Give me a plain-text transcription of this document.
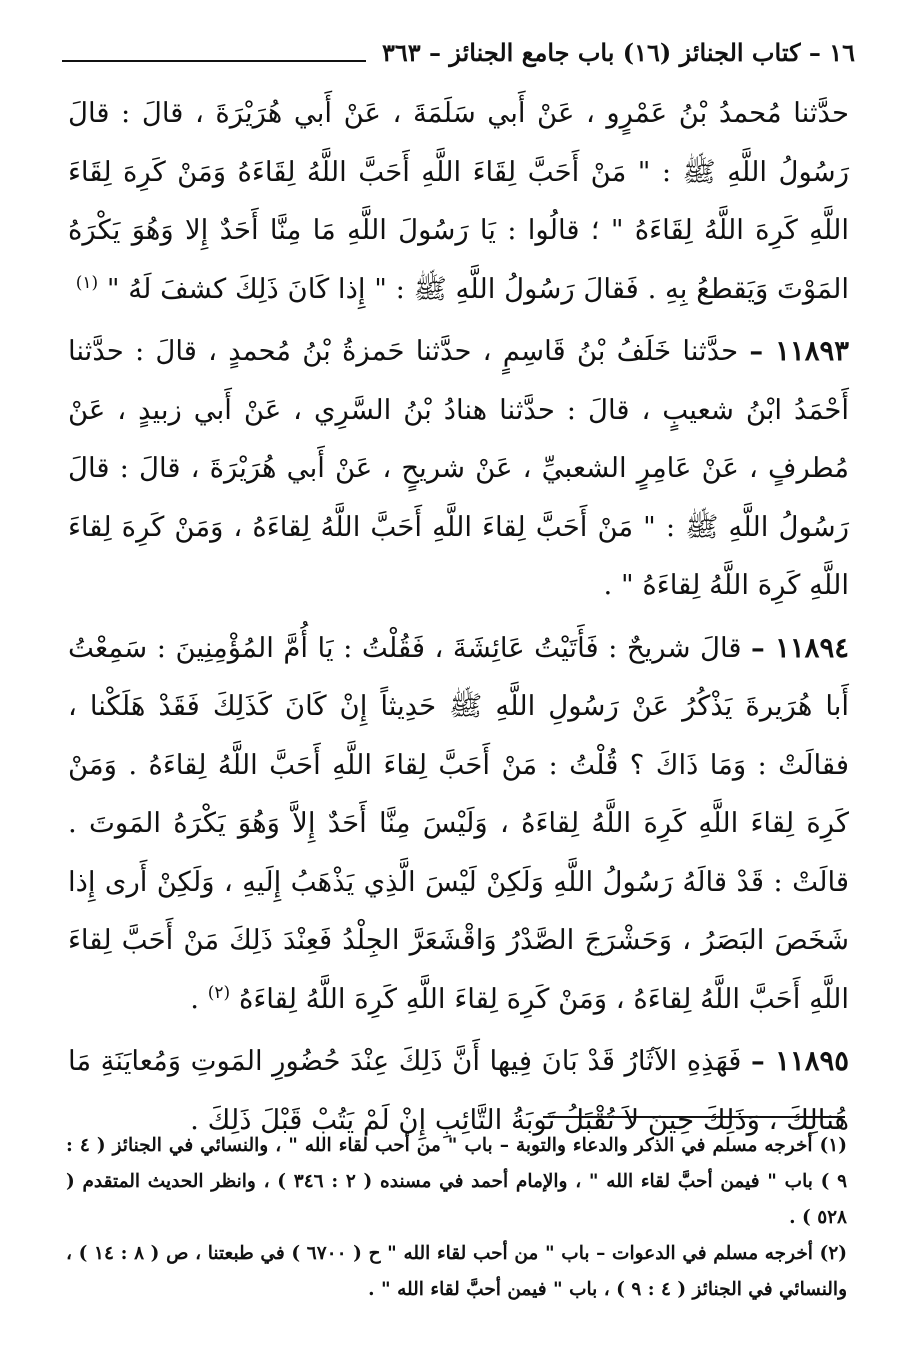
١٦ – كتاب الجنائز (١٦) باب جامع الجنائز – ٣٦٣

حدَّثنا مُحمدُ بْنُ عَمْرٍو ، عَنْ أَبي سَلَمَةَ ، عَنْ أَبي هُرَيْرَةَ ، قالَ : قالَ رَسُولُ اللَّهِ ﷺ : " مَنْ أَحَبَّ لِقَاءَ اللَّهِ أَحَبَّ اللَّهُ لِقَاءَهُ وَمَنْ كَرِهَ لِقَاءَ اللَّهِ كَرِهَ اللَّهُ لِقَاءَهُ " ؛ قالُوا : يَا رَسُولَ اللَّهِ مَا مِنَّا أَحَدٌ إِلا وَهُوَ يَكْرَهُ المَوْتَ وَيَقطعُ بِهِ . فَقالَ رَسُولُ اللَّهِ ﷺ : " إِذا كَانَ ذَلِكَ كشفَ لَهُ " $^{(١)}$

١١٨٩٣ – حدَّثنا خَلَفُ بْنُ قَاسِمٍ ، حدَّثنا حَمزةُ بْنُ مُحمدٍ ، قالَ : حدَّثنا أَحْمَدُ ابْنُ شعيبٍ ، قالَ : حدَّثنا هنادُ بْنُ السَّرِي ، عَنْ أَبي زبيدٍ ، عَنْ مُطرفٍ ، عَنْ عَامِرٍ الشعبيِّ ، عَنْ شريحٍ ، عَنْ أَبي هُرَيْرَةَ ، قالَ : قالَ رَسُولُ اللَّهِ ﷺ : " مَنْ أَحَبَّ لِقاءَ اللَّهِ أَحَبَّ اللَّهُ لِقاءَهُ ، وَمَنْ كَرِهَ لِقاءَ اللَّهِ كَرِهَ اللَّهُ لِقاءَهُ " .

١١٨٩٤ – قالَ شريحٌ : فَأَتَيْتُ عَائِشَةَ ، فَقُلْتُ : يَا أُمَّ المُؤْمِنِينَ : سَمِعْتُ أَبا هُرَيرةَ يَذْكُرُ عَنْ رَسُولِ اللَّهِ ﷺ حَدِيثاً إِنْ كَانَ كَذَلِكَ فَقَدْ هَلَكْنا ، فقالَتْ : وَمَا ذَاكَ ؟ قُلْتُ : مَنْ أَحَبَّ لِقاءَ اللَّهِ أَحَبَّ اللَّهُ لِقاءَهُ . وَمَنْ كَرِهَ لِقاءَ اللَّهِ كَرِهَ اللَّهُ لِقاءَهُ ، وَلَيْسَ مِنَّا أَحَدٌ إِلاَّ وَهُوَ يَكْرَهُ المَوتَ . قالَتْ : قَدْ قالَهُ رَسُولُ اللَّهِ وَلَكِنْ لَيْسَ الَّذِي يَذْهَبُ إِلَيهِ ، وَلَكِنْ أَرى إِذا شَخَصَ البَصَرُ ، وَحَشْرَجَ الصَّدْرُ وَاقْشَعَرَّ الجِلْدُ فَعِنْدَ ذَلِكَ مَنْ أَحَبَّ لِقاءَ اللَّهِ أَحَبَّ اللَّهُ لِقاءَهُ ، وَمَنْ كَرِهَ لِقاءَ اللَّهِ كَرِهَ اللَّهُ لِقاءَهُ $^{(٢)}$ .

١١٨٩٥ – فَهَذِهِ الآثَارُ قَدْ بَانَ فِيها أَنَّ ذَلِكَ عِنْدَ حُضُورِ المَوتِ وَمُعايَنَةِ مَا هُنالِكَ ، وَذَلِكَ حِينَ لاَ تُقْبَلُ تَوبَةُ التَّائِبِ إِنْ لَمْ يَتُبْ قَبْلَ ذَلِكَ .

(١) أخرجه مسلم في الذكر والدعاء والتوبة – باب " من أحب لقاء الله " ، والنسائي في الجنائز ( ٤ : ٩ ) باب " فيمن أحبَّ لقاء الله " ، والإمام أحمد في مسنده ( ٢ : ٣٤٦ ) ، وانظر الحديث المتقدم ( ٥٢٨ ) .

(٢) أخرجه مسلم في الدعوات – باب " من أحب لقاء الله " ح ( ٦٧٠٠ ) في طبعتنا ، ص ( ٨ : ١٤ ) ، والنسائي في الجنائز ( ٤ : ٩ ) ، باب " فيمن أحبَّ لقاء الله " .
